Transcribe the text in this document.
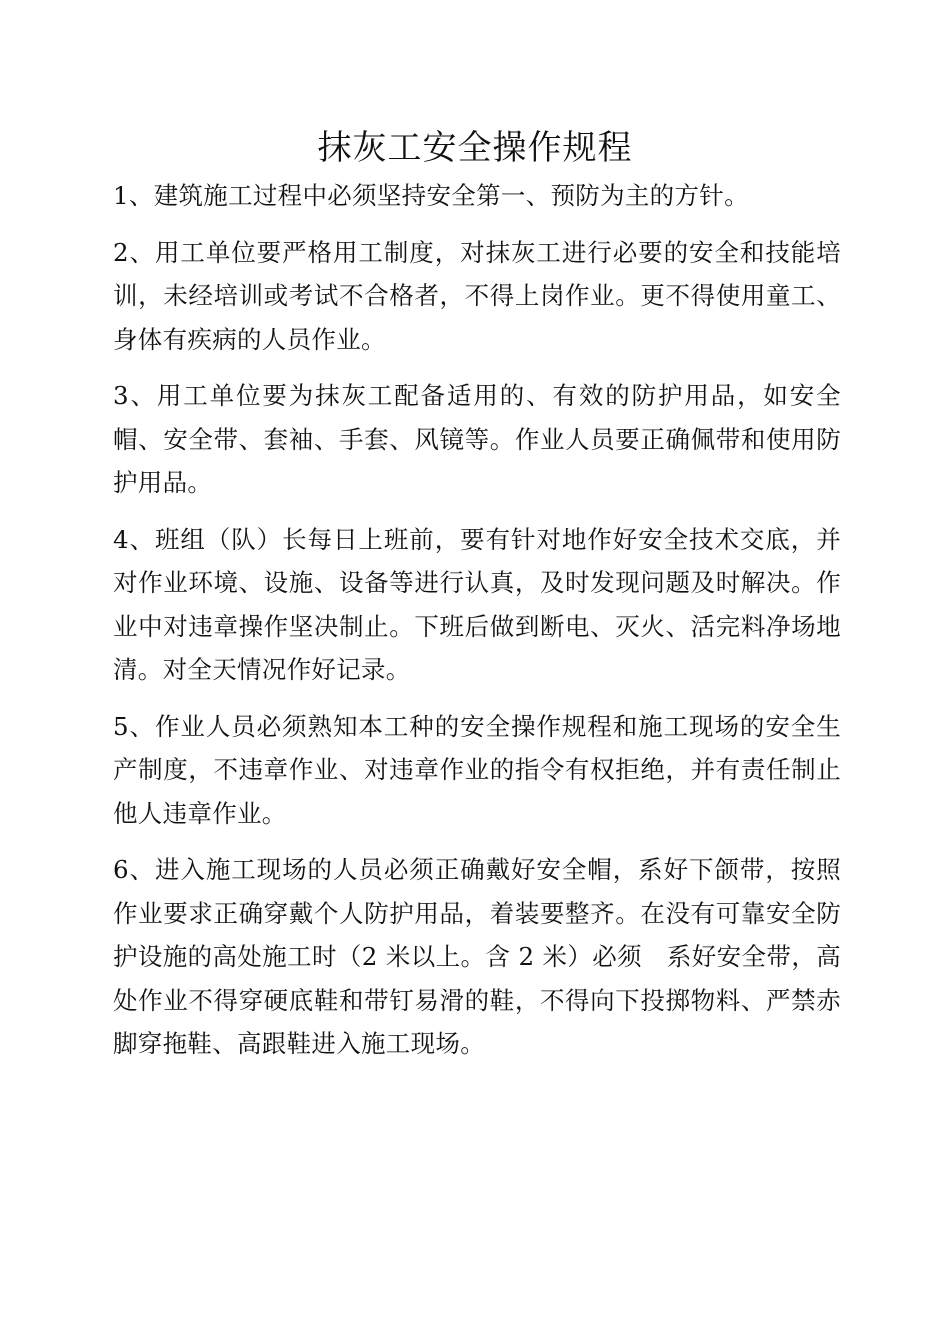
抹灰工安全操作规程

1、建筑施工过程中必须坚持安全第一、预防为主的方针。

2、用工单位要严格用工制度，对抹灰工进行必要的安全和技能培训，未经培训或考试不合格者，不得上岗作业。更不得使用童工、身体有疾病的人员作业。

3、用工单位要为抹灰工配备适用的、有效的防护用品，如安全帽、安全带、套袖、手套、风镜等。作业人员要正确佩带和使用防护用品。

4、班组（队）长每日上班前，要有针对地作好安全技术交底，并对作业环境、设施、设备等进行认真，及时发现问题及时解决。作业中对违章操作坚决制止。下班后做到断电、灭火、活完料净场地清。对全天情况作好记录。

5、作业人员必须熟知本工种的安全操作规程和施工现场的安全生产制度，不违章作业、对违章作业的指令有权拒绝，并有责任制止他人违章作业。

6、进入施工现场的人员必须正确戴好安全帽，系好下颌带，按照作业要求正确穿戴个人防护用品，着装要整齐。在没有可靠安全防护设施的高处施工时（2 米以上。含 2 米）必须　系好安全带，高处作业不得穿硬底鞋和带钉易滑的鞋，不得向下投掷物料、严禁赤脚穿拖鞋、高跟鞋进入施工现场。
